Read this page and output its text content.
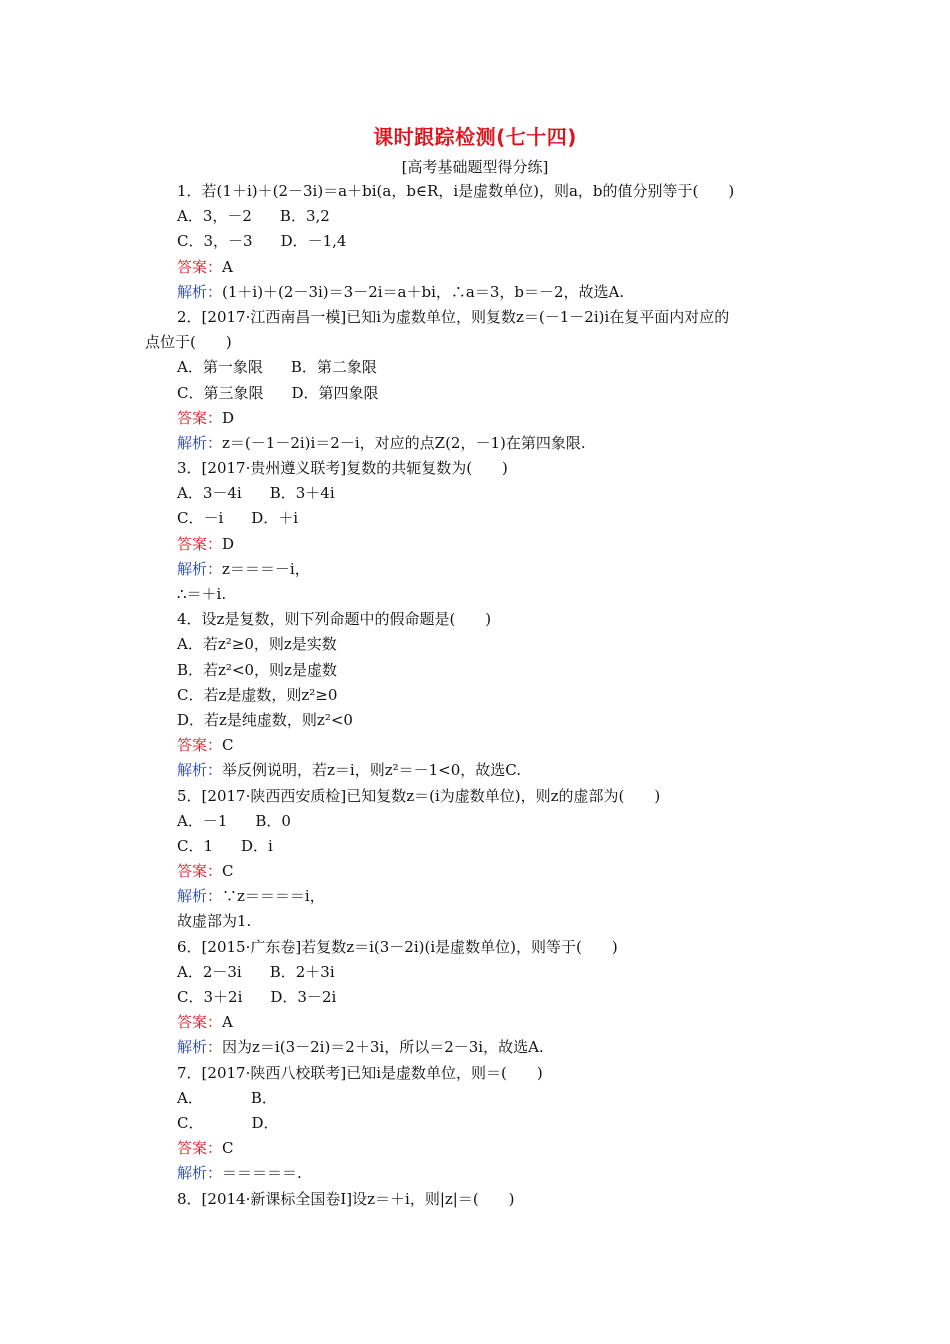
课时跟踪检测(七十四)
[高考基础题型得分练]
1．若(1＋i)＋(2－3i)＝a＋bi(a，b∈R，i是虚数单位)，则a，b的值分别等于(　　)
A．3，－2 B．3,2
C．3，－3 D．－1,4
答案：A
解析：(1＋i)＋(2－3i)＝3－2i＝a＋bi，∴a＝3，b＝－2，故选A.
2．[2017·江西南昌一模]已知i为虚数单位，则复数z＝(－1－2i)i在复平面内对应的
点位于(　　)
A．第一象限 B．第二象限
C．第三象限 D．第四象限
答案：D
解析：z＝(－1－2i)i＝2－i，对应的点Z(2，－1)在第四象限.
3．[2017·贵州遵义联考]复数的共轭复数为(　　)
A．3－4i B．3＋4i
C．－i D．＋i
答案：D
解析：z＝＝＝－i，
∴＝＋i.
4．设z是复数，则下列命题中的假命题是(　　)
A．若z²≥0，则z是实数
B．若z²<0，则z是虚数
C．若z是虚数，则z²≥0
D．若z是纯虚数，则z²<0
答案：C
解析：举反例说明，若z＝i，则z²＝－1<0，故选C.
5．[2017·陕西西安质检]已知复数z＝(i为虚数单位)，则z的虚部为(　　)
A．－1 B．0
C．1 D．i
答案：C
解析：∵z＝＝＝＝i，
故虚部为1.
6．[2015·广东卷]若复数z＝i(3－2i)(i是虚数单位)，则等于(　　)
A．2－3i B．2＋3i
C．3＋2i D．3－2i
答案：A
解析：因为z＝i(3－2i)＝2＋3i，所以＝2－3i，故选A.
7．[2017·陕西八校联考]已知i是虚数单位，则＝(　　)
A．	B．
C．	D．
答案：C
解析：＝＝＝＝＝.
8．[2014·新课标全国卷Ⅰ]设z＝＋i，则|z|＝(　　)
